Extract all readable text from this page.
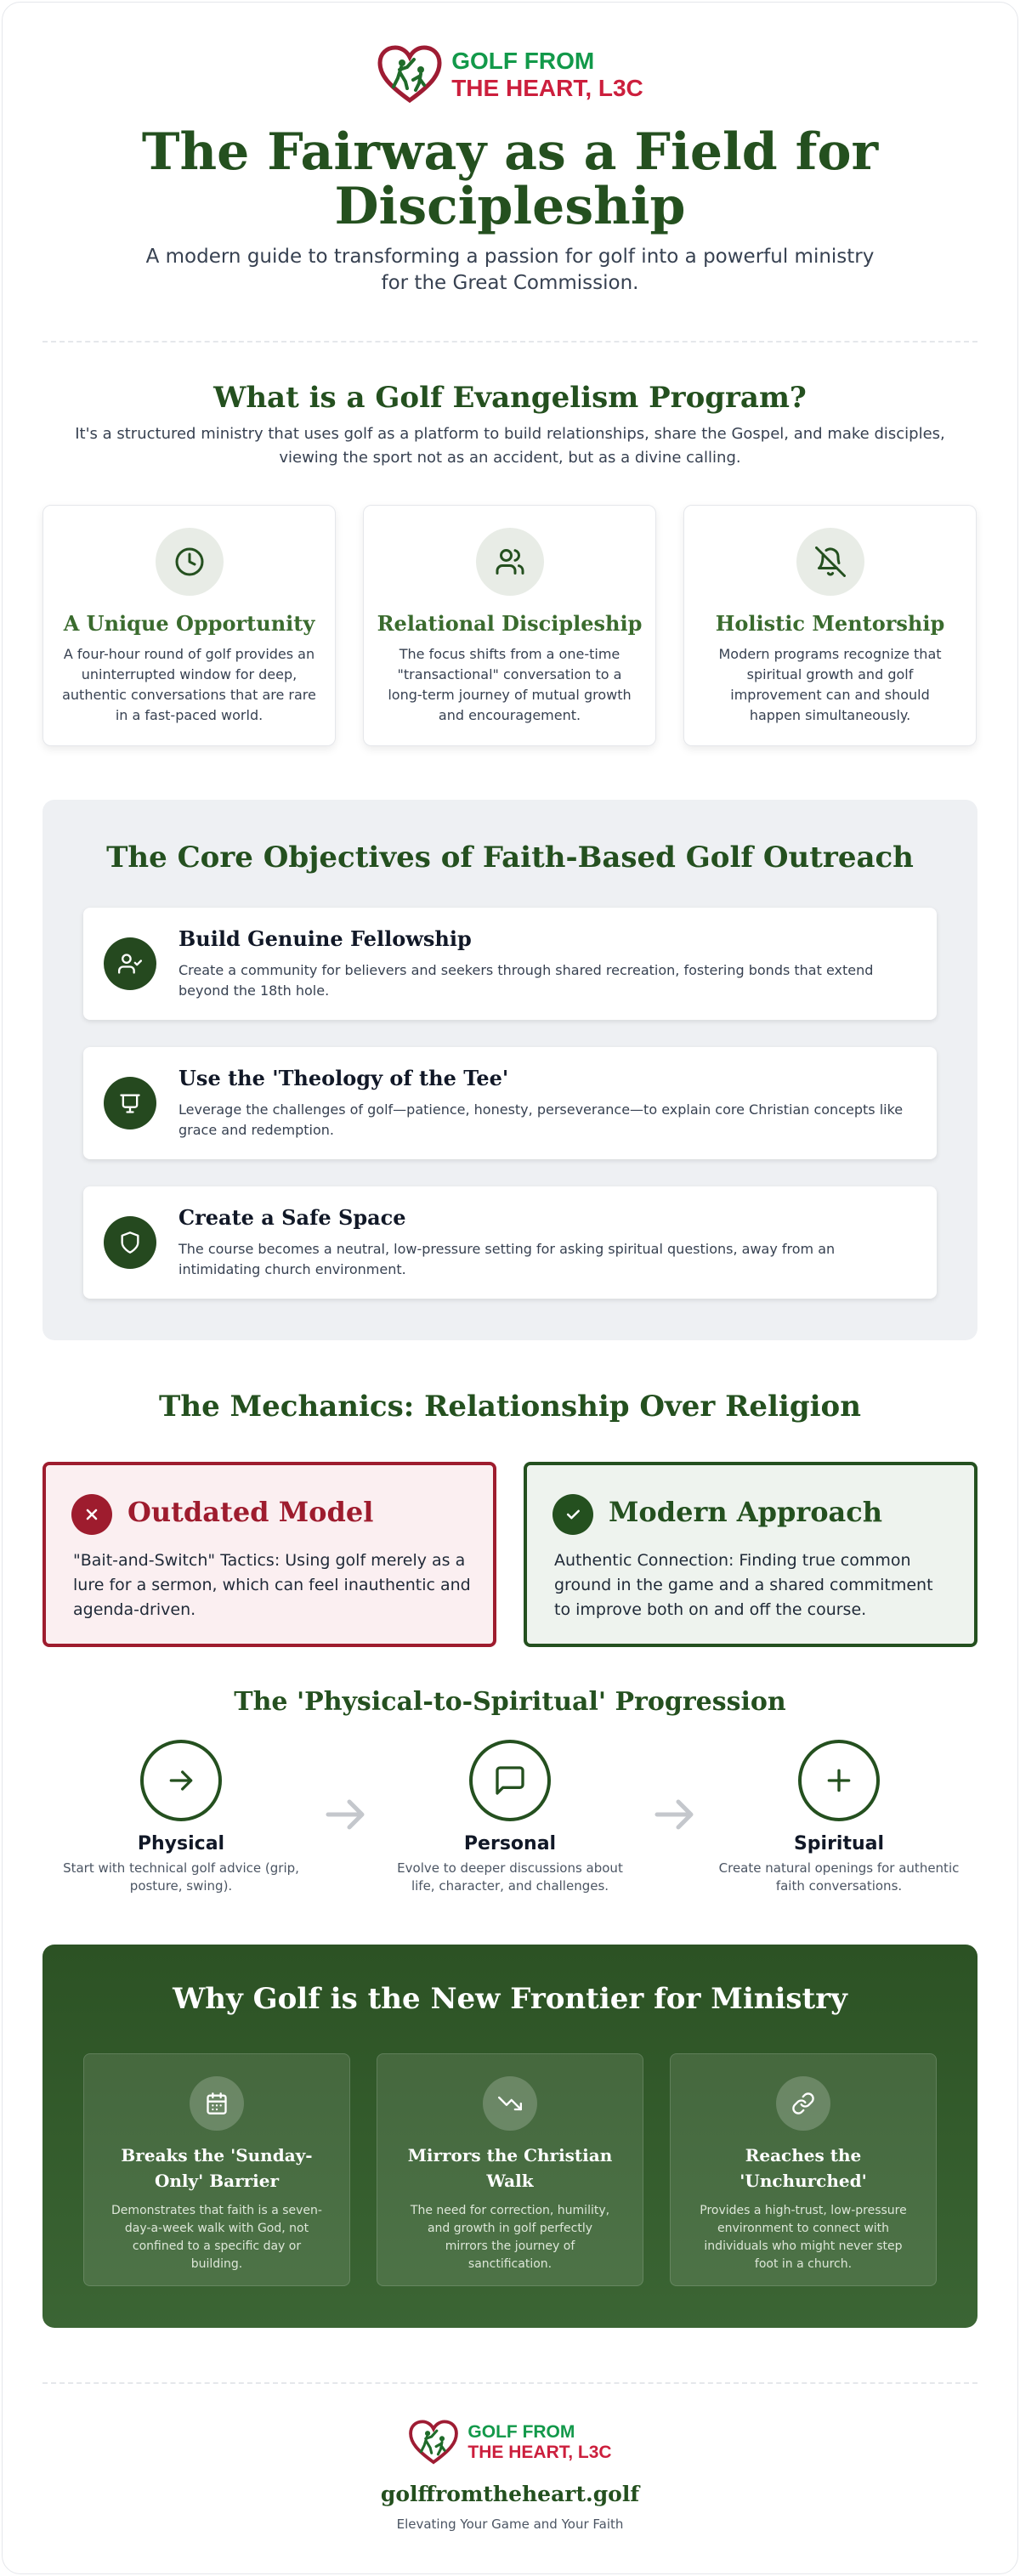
GOLF FROM
THE HEART, L3C
The Fairway as a Field for
Discipleship
A modern guide to transforming a passion for golf into a powerful ministry
for the Great Commission.
What is a Golf Evangelism Program?
It's a structured ministry that uses golf as a platform to build relationships, share the Gospel, and make disciples,
viewing the sport not as an accident, but as a divine calling.
A Unique Opportunity

A four-hour round of golf provides an uninterrupted window for deep, authentic conversations that are rare in a fast-paced world.

Relational Discipleship

The focus shifts from a one-time "transactional" conversation to a long-term journey of mutual growth and encouragement.

Holistic Mentorship

Modern programs recognize that spiritual growth and golf improvement can and should happen simultaneously.

The Core Objectives of Faith-Based Golf Outreach
Build Genuine Fellowship

Create a community for believers and seekers through shared recreation, fostering bonds that extend beyond the 18th hole.

Use the 'Theology of the Tee'

Leverage the challenges of golf—patience, honesty, perseverance—to explain core Christian concepts like grace and redemption.

Create a Safe Space

The course becomes a neutral, low-pressure setting for asking spiritual questions, away from an intimidating church environment.

The Mechanics: Relationship Over Religion
Outdated Model

"Bait-and-Switch" Tactics: Using golf merely as a lure for a sermon, which can feel inauthentic and agenda-driven.

Modern Approach

Authentic Connection: Finding true common ground in the game and a shared commitment to improve both on and off the course.

The 'Physical-to-Spiritual' Progression
Physical

Start with technical golf advice (grip,
posture, swing).

Personal

Evolve to deeper discussions about
life, character, and challenges.

Spiritual

Create natural openings for authentic
faith conversations.

Why Golf is the New Frontier for Ministry
Breaks the 'Sunday-Only' Barrier

Demonstrates that faith is a seven-day-a-week walk with God, not confined to a specific day or building.

Mirrors the Christian Walk

The need for correction, humility, and growth in golf perfectly mirrors the journey of sanctification.

Reaches the 'Unchurched'

Provides a high-trust, low-pressure environment to connect with individuals who might never step foot in a church.

GOLF FROM
THE HEART, L3C
golffromtheheart.golf
Elevating Your Game and Your Faith
